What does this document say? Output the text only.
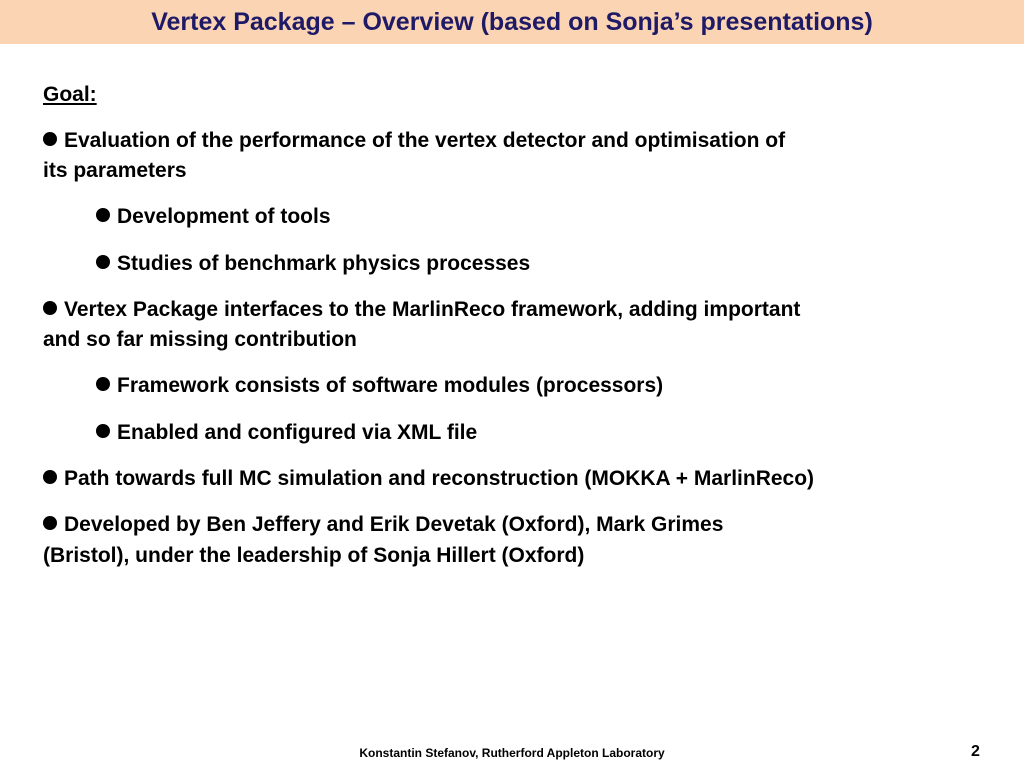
Vertex Package – Overview (based on Sonja’s presentations)
Goal:
Evaluation of the performance of the vertex detector and optimisation of
its parameters
Development of tools
Studies of benchmark physics processes
Vertex Package interfaces to the MarlinReco framework, adding important
and so far missing contribution
Framework consists of software modules (processors)
Enabled and configured via XML file
Path towards full MC simulation and reconstruction (MOKKA + MarlinReco)
Developed by Ben Jeffery and Erik Devetak (Oxford), Mark Grimes
(Bristol), under the leadership of Sonja Hillert (Oxford)
Konstantin Stefanov, Rutherford Appleton Laboratory	2
